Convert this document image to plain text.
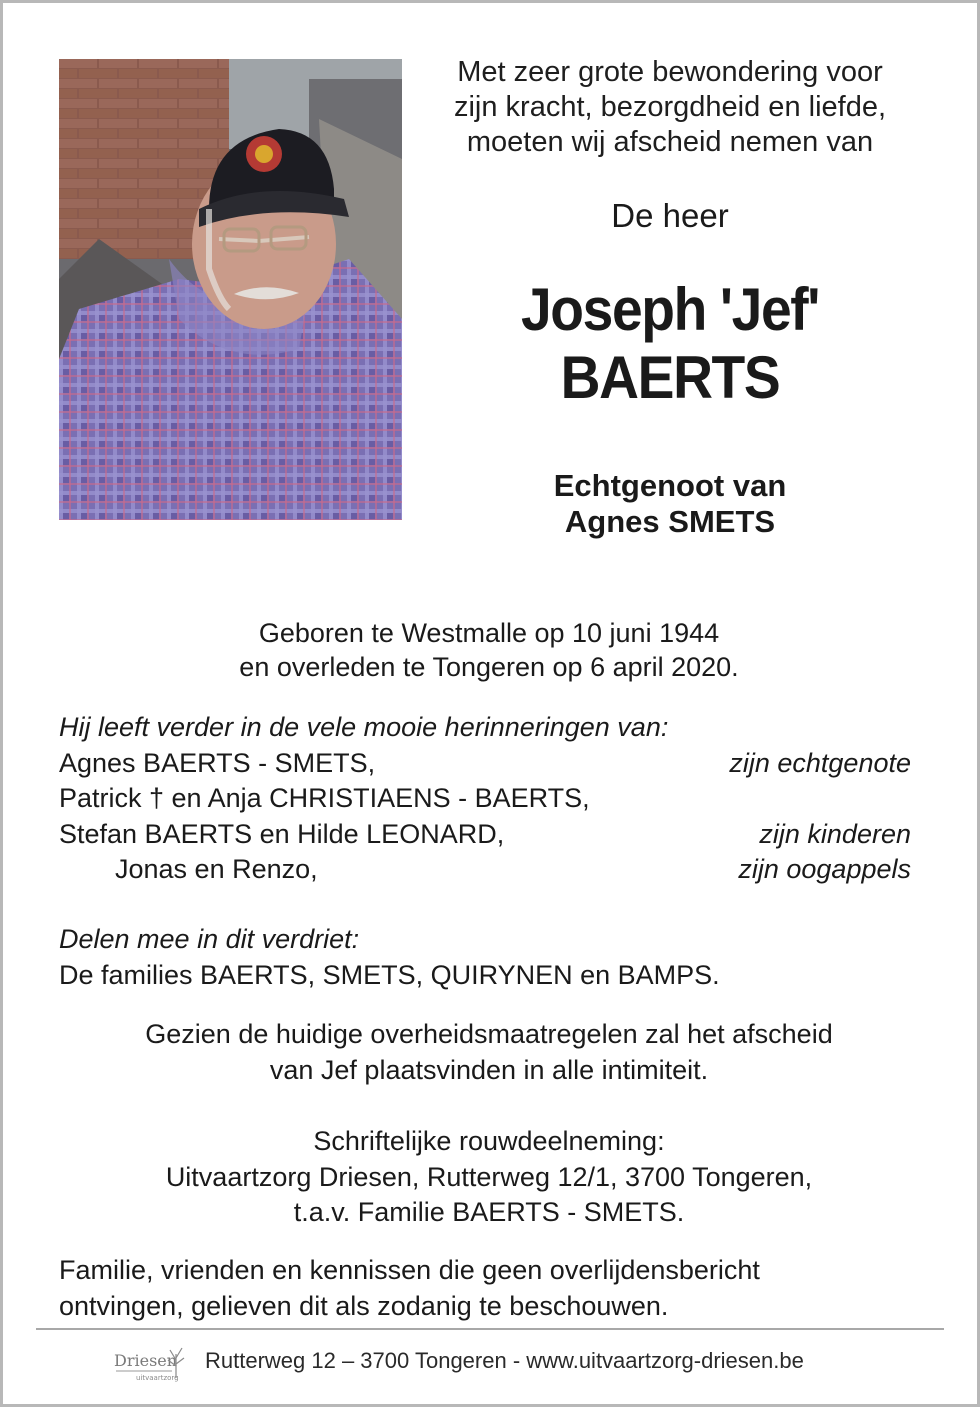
Met zeer grote bewondering voor
zijn kracht, bezorgdheid en liefde,
moeten wij afscheid nemen van
De heer
Joseph 'Jef'
BAERTS
Echtgenoot van
Agnes SMETS
Geboren te Westmalle op 10 juni 1944
en overleden te Tongeren op 6 april 2020.
Hij leeft verder in de vele mooie herinneringen van:
Agnes BAERTS - SMETS,	zijn echtgenote
Patrick † en Anja CHRISTIAENS - BAERTS,
Stefan BAERTS en Hilde LEONARD,	zijn kinderen
Jonas en Renzo,	zijn oogappels
Delen mee in dit verdriet:
De families BAERTS, SMETS, QUIRYNEN en BAMPS.
Gezien de huidige overheidsmaatregelen zal het afscheid
van Jef plaatsvinden in alle intimiteit.
Schriftelijke rouwdeelneming:
Uitvaartzorg Driesen, Rutterweg 12/1, 3700 Tongeren,
t.a.v. Familie BAERTS - SMETS.
Familie, vrienden en kennissen die geen overlijdensbericht
ontvingen, gelieven dit als zodanig te beschouwen.
Driesen
uitvaartzorg
Rutterweg 12 – 3700 Tongeren - www.uitvaartzorg-driesen.be
